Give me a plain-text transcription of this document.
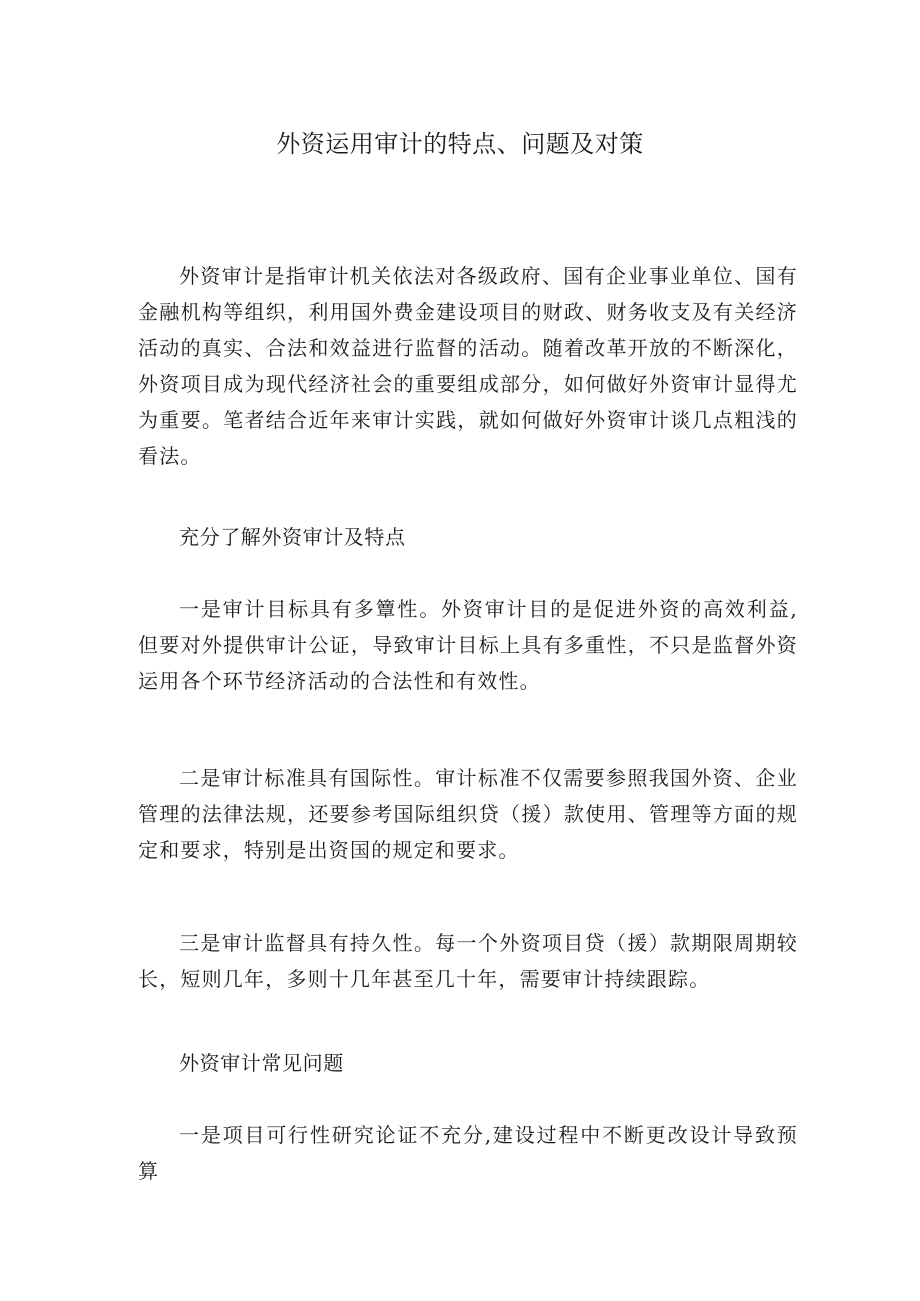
外资运用审计的特点、问题及对策

外资审计是指审计机关依法对各级政府、国有企业事业单位、国有金融机构等组织，利用国外费金建设项目的财政、财务收支及有关经济活动的真实、合法和效益进行监督的活动。随着改革开放的不断深化，外资项目成为现代经济社会的重要组成部分，如何做好外资审计显得尤为重要。笔者结合近年来审计实践，就如何做好外资审计谈几点粗浅的看法。

充分了解外资审计及特点

一是审计目标具有多簟性。外资审计目的是促进外资的高效利益,但要对外提供审计公证，导致审计目标上具有多重性，不只是监督外资运用各个环节经济活动的合法性和有效性。

二是审计标准具有国际性。审计标准不仅需要参照我国外资、企业管理的法律法规，还要参考国际组织贷（援）款使用、管理等方面的规定和要求，特别是出资国的规定和要求。

三是审计监督具有持久性。每一个外资项目贷（援）款期限周期较长，短则几年，多则十几年甚至几十年，需要审计持续跟踪。

外资审计常见问题

一是项目可行性研究论证不充分,建设过程中不断更改设计导致预算
